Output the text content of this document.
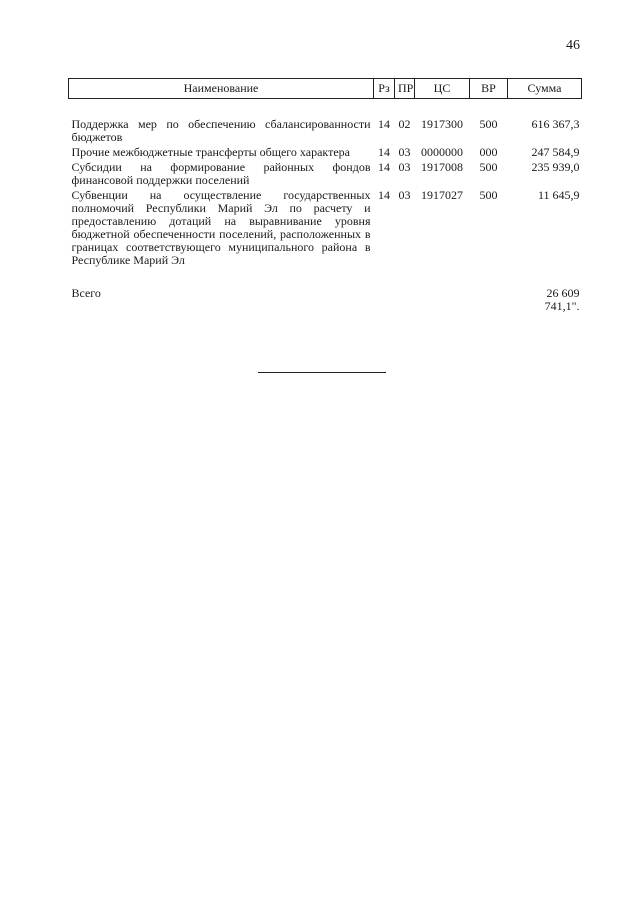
46
Наименование	Рз	ПР	ЦС	ВР	Сумма

Поддержка мер по обеспечению сбалансированности бюджетов	14	02	1917300	500	616 367,3
Прочие межбюджетные трансферты общего характера	14	03	0000000	000	247 584,9
Субсидии на формирование районных фондов финансовой поддержки поселений	14	03	1917008	500	235 939,0
Субвенции на осуществление государственных полномочий Республики Марий Эл по расчету и предоставлению дотаций на выравнивание уровня бюджетной обеспеченности поселений, расположенных в границах соответствующего муниципального района в Республике Марий Эл	14	03	1917027	500	11 645,9

Всего					26 609 741,1".
